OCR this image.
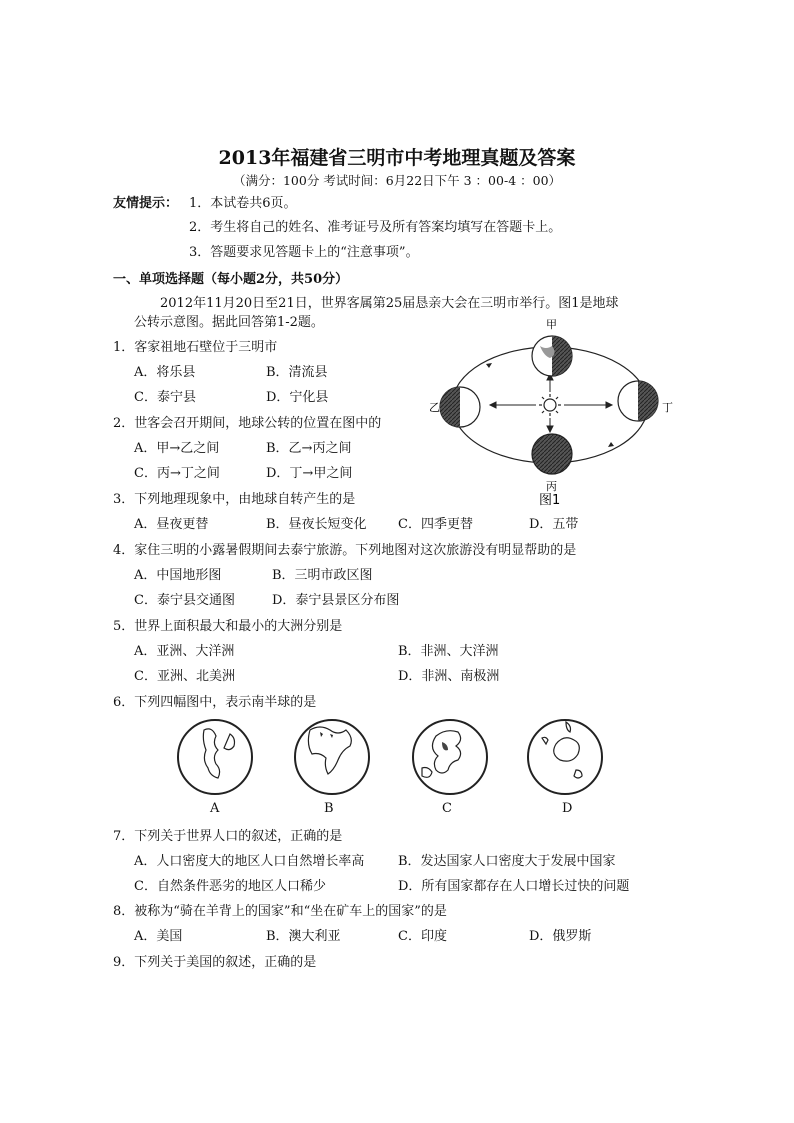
2013年福建省三明市中考地理真题及答案
（满分：100分 考试时间：6月22日下午 3 ：00-4 ：00）
友情提示： 1．本试卷共6页。
2．考生将自己的姓名、准考证号及所有答案均填写在答题卡上。
3．答题要求见答题卡上的“注意事项”。
一、单项选择题（每小题2分，共50分）
2012年11月20日至21日，世界客属第25届恳亲大会在三明市举行。图1是地球
公转示意图。据此回答第1-2题。
1．客家祖地石壁位于三明市
A．将乐县	B．清流县
C．泰宁县	D．宁化县
2．世客会召开期间，地球公转的位置在图中的
A．甲→乙之间	B．乙→丙之间
C．丙→丁之间	D．丁→甲之间
3．下列地理现象中，由地球自转产生的是
A．昼夜更替	B．昼夜长短变化 C．四季更替	D．五带
4．家住三明的小露暑假期间去泰宁旅游。下列地图对这次旅游没有明显帮助的是
A．中国地形图	B．三明市政区图
C．泰宁县交通图	D．泰宁县景区分布图
5．世界上面积最大和最小的大洲分别是
A．亚洲、大洋洲	B．非洲、大洋洲
C．亚洲、北美洲	D．非洲、南极洲
6．下列四幅图中，表示南半球的是
A	B	C	D
7．下列关于世界人口的叙述，正确的是
A．人口密度大的地区人口自然增长率高	B．发达国家人口密度大于发展中国家
C．自然条件恶劣的地区人口稀少	D．所有国家都存在人口增长过快的问题
8．被称为“骑在羊背上的国家”和“坐在矿车上的国家”的是
A．美国	B．澳大利亚	C．印度	D．俄罗斯
9．下列关于美国的叙述，正确的是
甲
乙	丁
丙
图1
